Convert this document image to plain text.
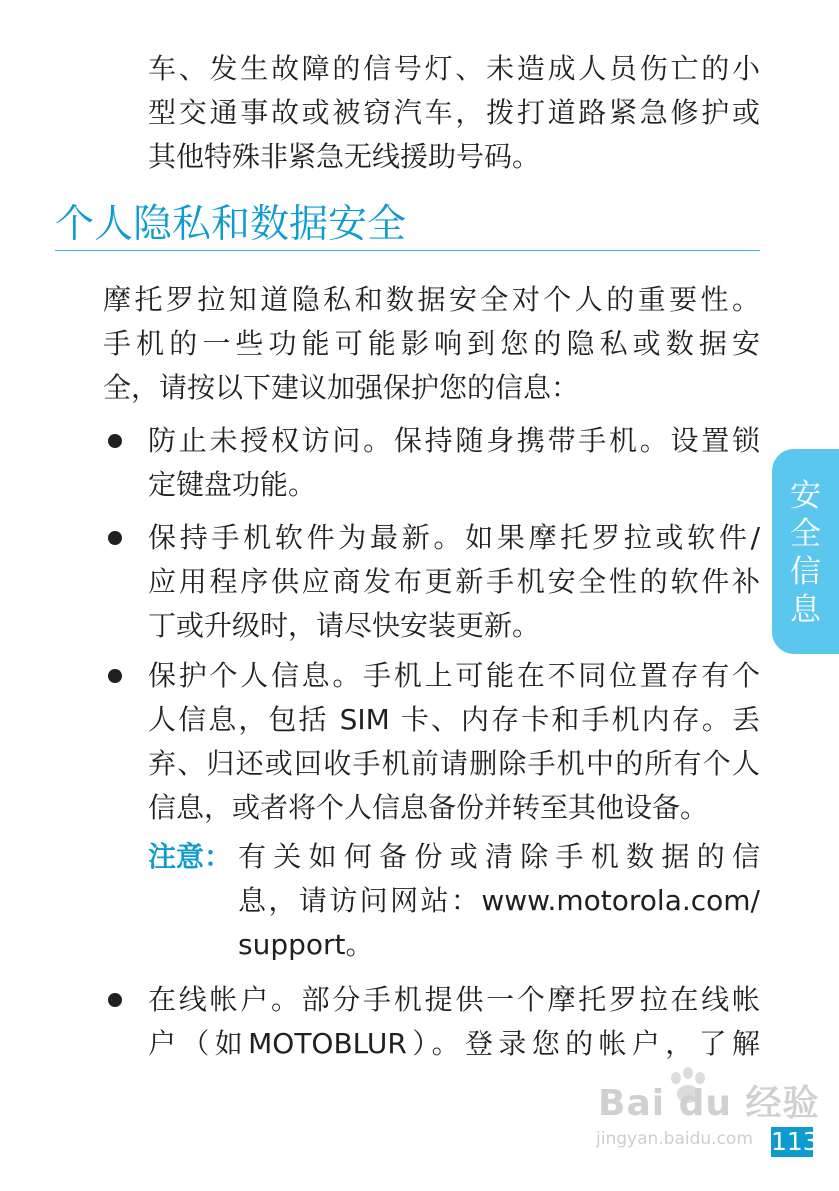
车、发生故障的信号灯、未造成人员伤亡的小

型交通事故或被窃汽车，拨打道路紧急修护或

其他特殊非紧急无线援助号码。

个人隐私和数据安全

摩托罗拉知道隐私和数据安全对个人的重要性。

手机的一些功能可能影响到您的隐私或数据安

全，请按以下建议加强保护您的信息：

防止未授权访问。保持随身携带手机。设置锁

定键盘功能。

保持手机软件为最新。如果摩托罗拉或软件/

应用程序供应商发布更新手机安全性的软件补

丁或升级时，请尽快安装更新。

保护个人信息。手机上可能在不同位置存有个

人信息，包括 SIM 卡、内存卡和手机内存。丢

弃、归还或回收手机前请删除手机中的所有个人

信息，或者将个人信息备份并转至其他设备。

注意： 有关如何备份或清除手机数据的信

息，请访问网站：www.motorola.com/

support。

在线帐户。部分手机提供一个摩托罗拉在线帐

户（如MOTOBLUR）。登录您的帐户，了解

安全信息
Bai du 经验
jingyan.baidu.com 113
